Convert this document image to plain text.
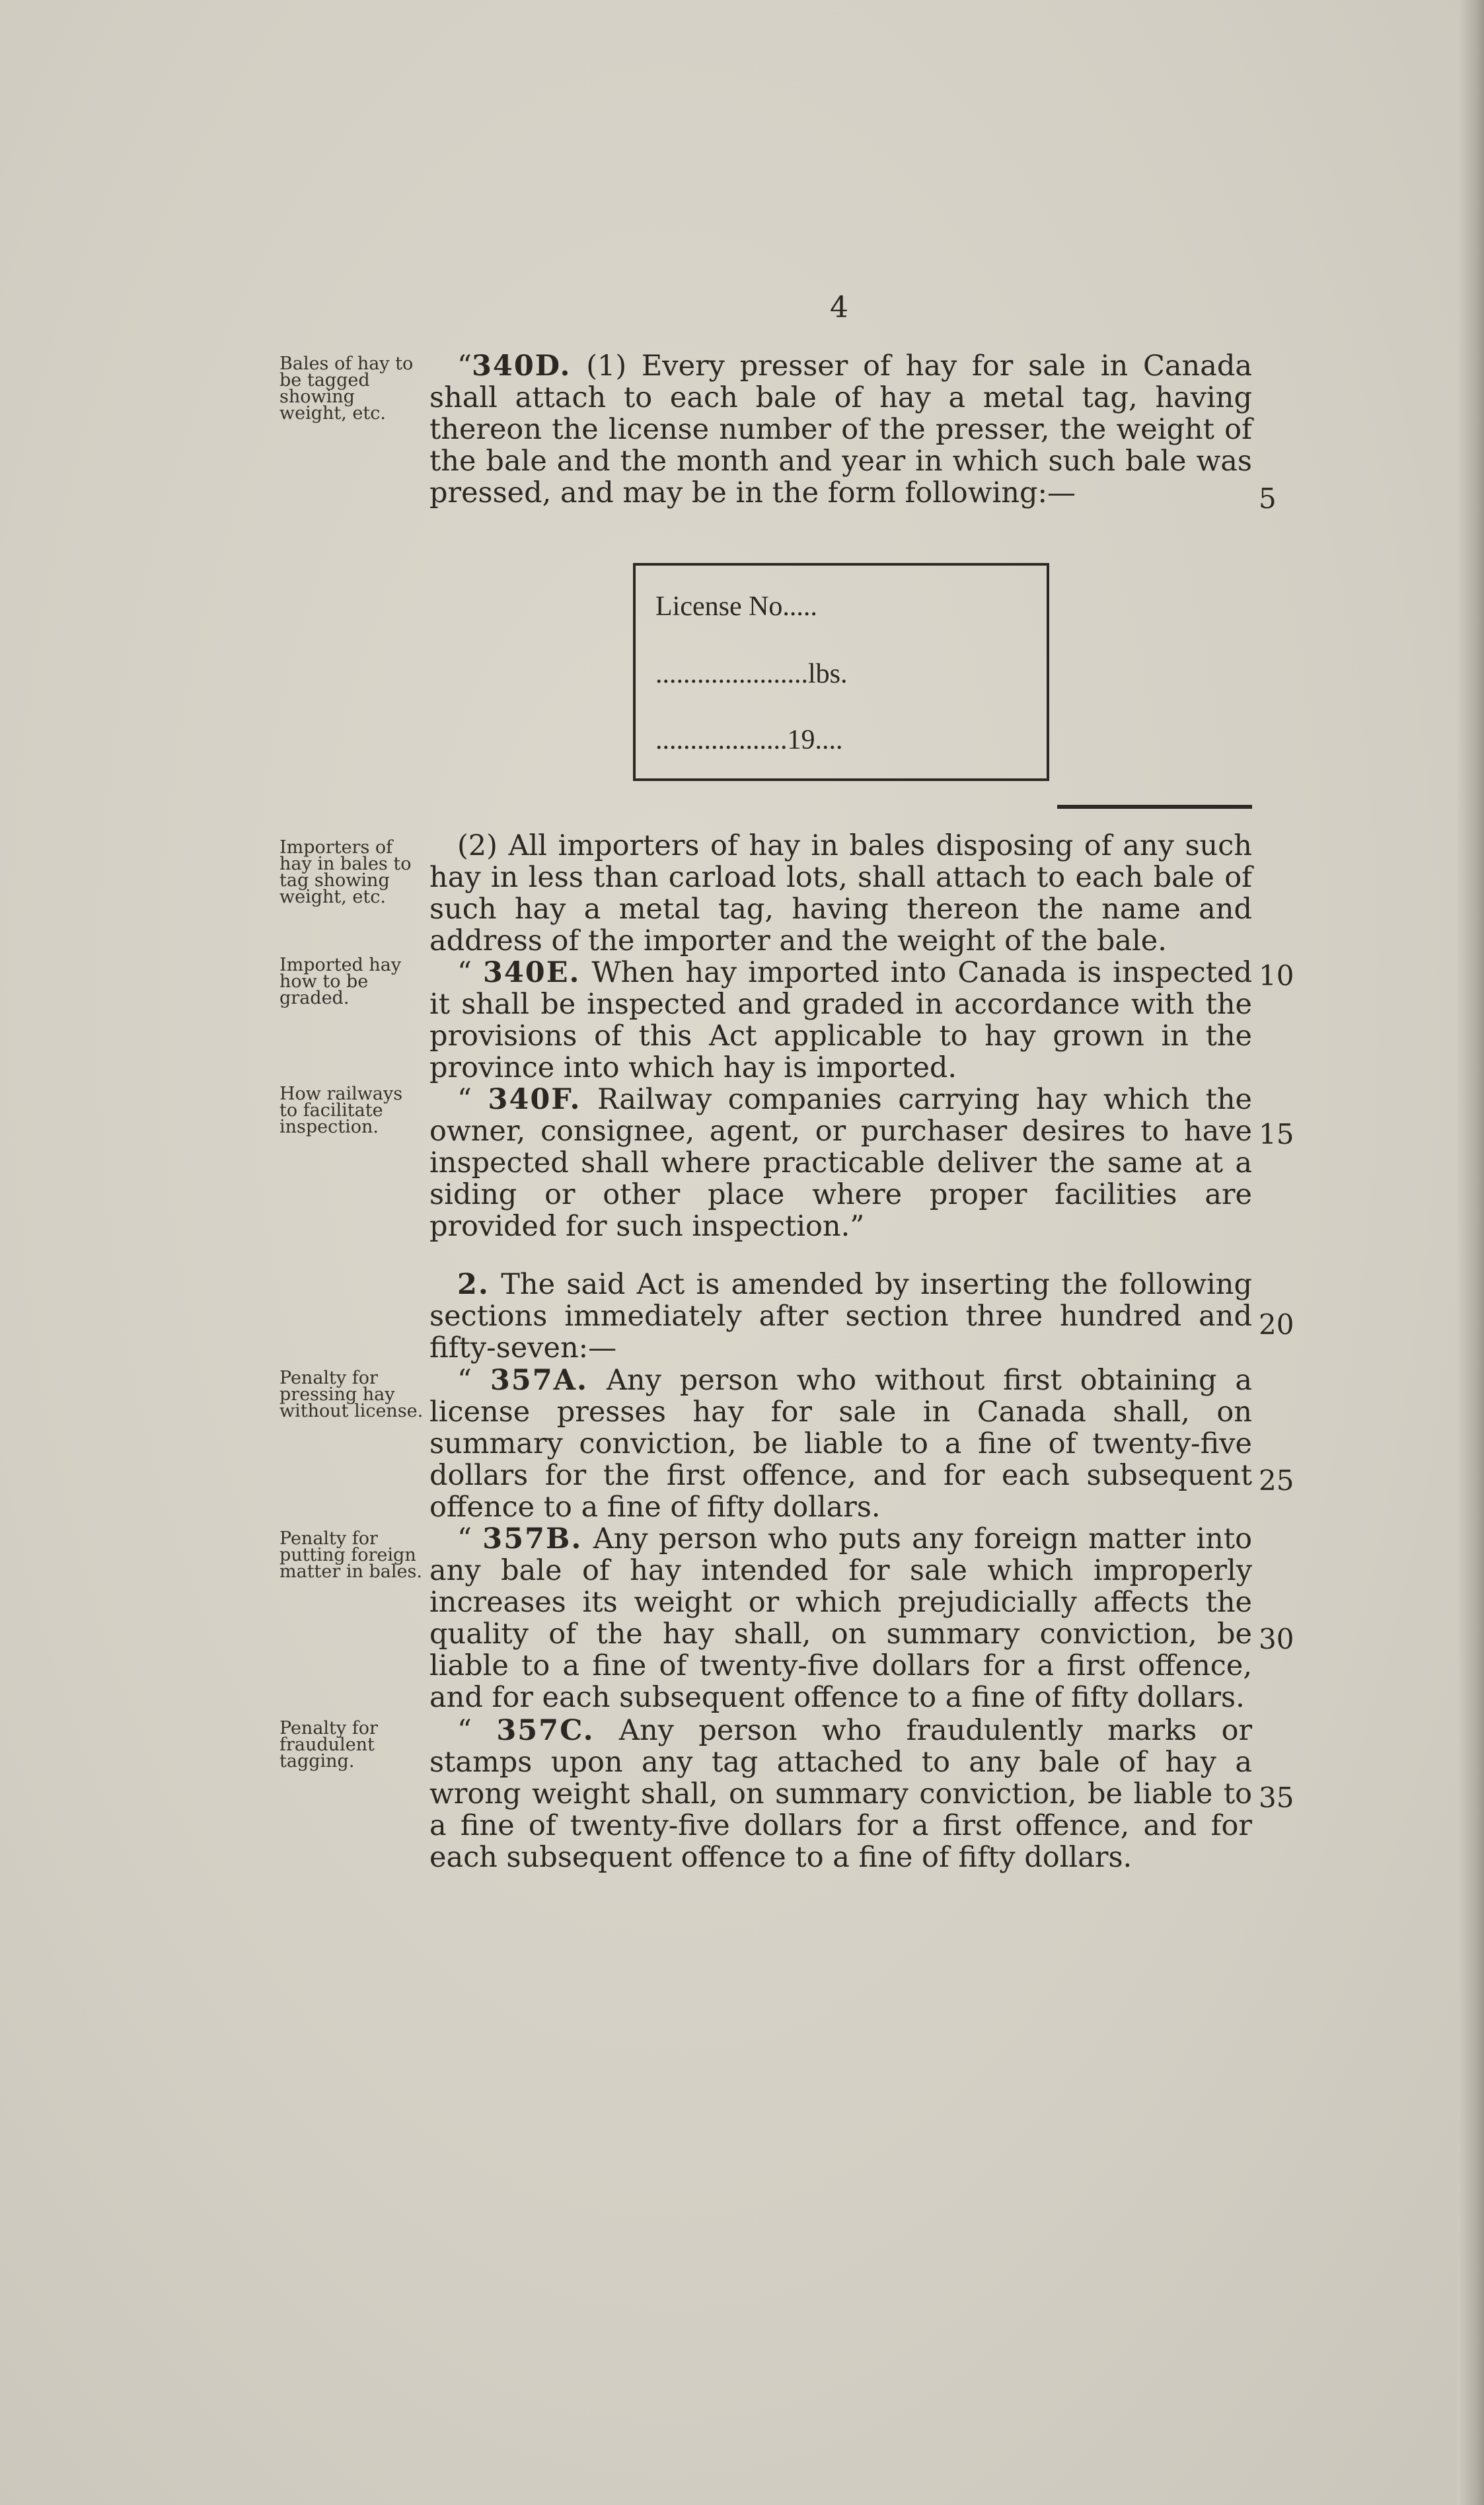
4
Bales of hay to be tagged showing weight, etc.
Importers of hay in bales to tag showing weight, etc.
Imported hay how to be graded.
How railways to facilitate inspection.
Penalty for pressing hay without license.
Penalty for putting foreign matter in bales.
Penalty for fraudulent tagging.

“340D. (1) Every presser of hay for sale in Canada shall attach to each bale of hay a metal tag, having thereon the license number of the presser, the weight of the bale and the month and year in which such bale was pressed, and may be in the form following:—

License No.....
......................lbs.
...................19....

(2) All importers of hay in bales disposing of any such hay in less than carload lots, shall attach to each bale of such hay a metal tag, having thereon the name and address of the importer and the weight of the bale.

“ 340E. When hay imported into Canada is inspected it shall be inspected and graded in accordance with the provisions of this Act applicable to hay grown in the province into which hay is imported.

“ 340F. Railway companies carrying hay which the owner, consignee, agent, or purchaser desires to have inspected shall where practicable deliver the same at a siding or other place where proper facilities are provided for such inspection.”

2. The said Act is amended by inserting the following sections immediately after section three hundred and fifty-seven:—

“ 357A. Any person who without first obtaining a license presses hay for sale in Canada shall, on summary conviction, be liable to a fine of twenty-five dollars for the first offence, and for each subsequent offence to a fine of fifty dollars.

“ 357B. Any person who puts any foreign matter into any bale of hay intended for sale which improperly increases its weight or which prejudicially affects the quality of the hay shall, on summary conviction, be liable to a fine of twenty-five dollars for a first offence, and for each subsequent offence to a fine of fifty dollars.

“ 357C. Any person who fraudulently marks or stamps upon any tag attached to any bale of hay a wrong weight shall, on summary conviction, be liable to a fine of twenty-five dollars for a first offence, and for each subsequent offence to a fine of fifty dollars.

5
10
15
20
25
30
35
